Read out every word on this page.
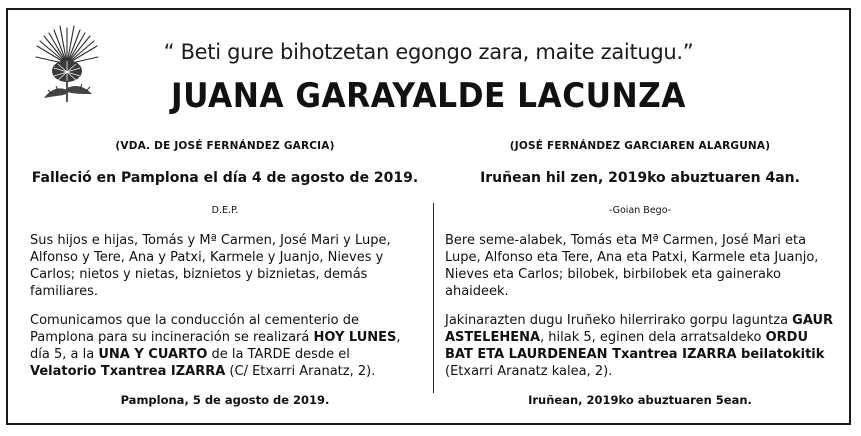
“ Beti gure bihotzetan egongo zara, maite zaitugu.”
JUANA GARAYALDE LACUNZA
(VDA. DE JOSÉ FERNÁNDEZ GARCIA)
Falleció en Pamplona el día 4 de agosto de 2019.
D.E.P.
Sus hijos e hijas, Tomás y Mª Carmen, José Mari y Lupe, Alfonso y Tere, Ana y Patxi, Karmele y Juanjo, Nieves y Carlos; nietos y nietas, biznietos y biznietas, demás familiares.
Comunicamos que la conducción al cementerio de Pamplona para su incineración se realizará HOY LUNES, día 5, a la UNA Y CUARTO de la TARDE desde el Velatorio Txantrea IZARRA (C/ Etxarri Aranatz, 2).
Pamplona, 5 de agosto de 2019.
(JOSÉ FERNÁNDEZ GARCIAREN ALARGUNA)
Iruñean hil zen, 2019ko abuztuaren 4an.
-Goian Bego-
Bere seme-alabek, Tomás eta Mª Carmen, José Mari eta Lupe, Alfonso eta Tere, Ana eta Patxi, Karmele eta Juanjo, Nieves eta Carlos; bilobek, birbilobek eta gainerako ahaideek.
Jakinarazten dugu Iruñeko hilerrirako gorpu laguntza GAUR ASTELEHENA, hilak 5, eginen dela arratsaldeko ORDU BAT ETA LAURDENEAN Txantrea IZARRA beilatokitik (Etxarri Aranatz kalea, 2).
Iruñean, 2019ko abuztuaren 5ean.
